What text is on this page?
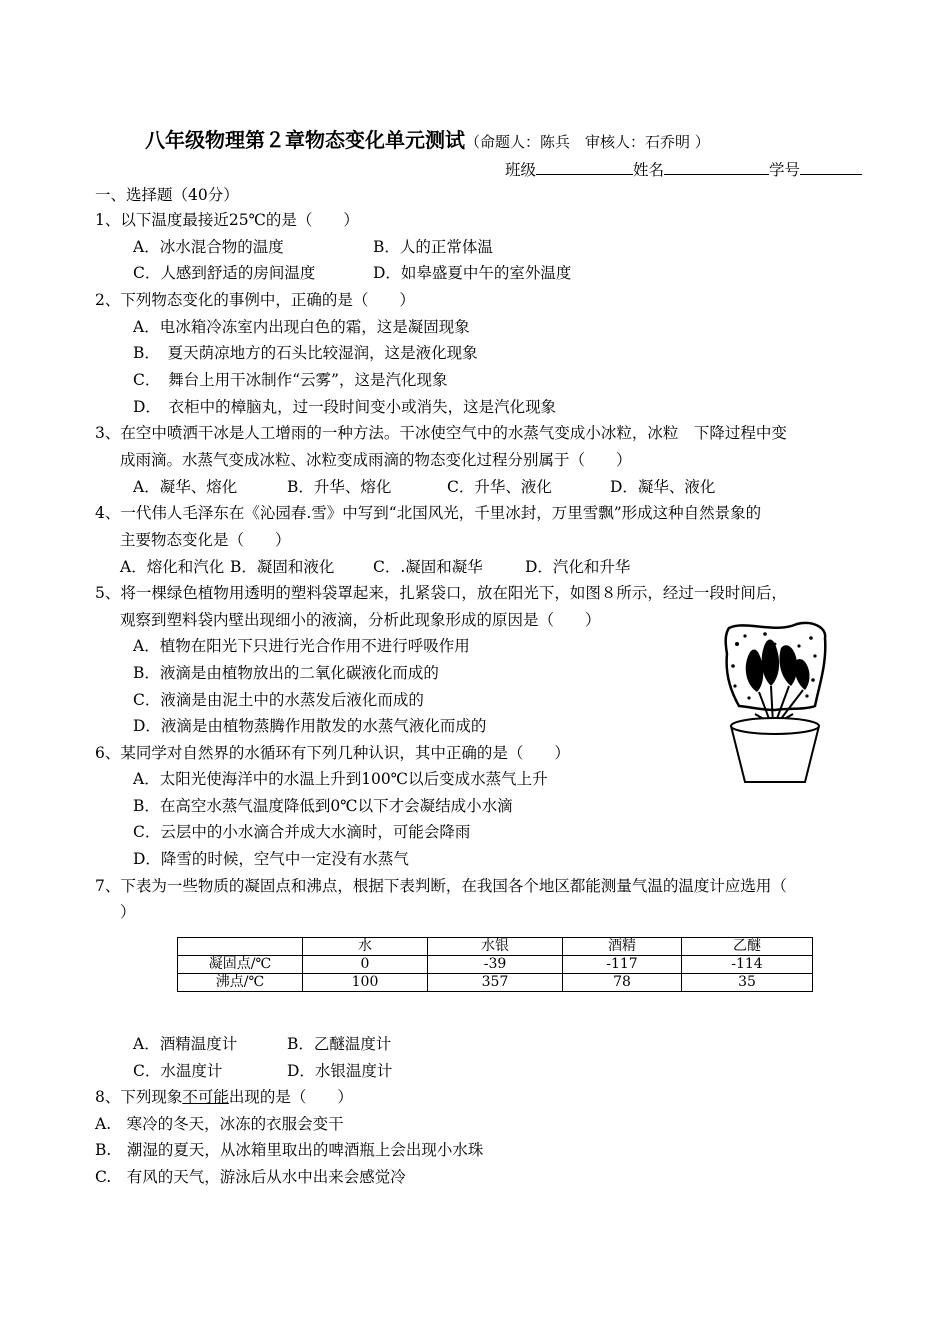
八年级物理第２章物态变化单元测试（命题人：陈兵　审核人：石乔明 ）
班级	姓名	学号
一、选择题（40分）
1、以下温度最接近25℃的是（　　）
A．冰水混合物的温度	B．人的正常体温
C．人感到舒适的房间温度	D．如皋盛夏中午的室外温度
2、下列物态变化的事例中，正确的是（　　）
A．电冰箱冷冻室内出现白色的霜，这是凝固现象
B．　夏天荫凉地方的石头比较湿润，这是液化现象
C．　舞台上用干冰制作“云雾”，这是汽化现象
D．　衣柜中的樟脑丸，过一段时间变小或消失，这是汽化现象
3、在空中喷洒干冰是人工增雨的一种方法。干冰使空气中的水蒸气变成小冰粒，冰粒　下降过程中变
成雨滴。水蒸气变成冰粒、冰粒变成雨滴的物态变化过程分别属于（　　）
A．凝华、熔化	B．升华、熔化	C．升华、液化	D．凝华、液化
4、一代伟人毛泽东在《沁园春.雪》中写到“北国风光，千里冰封，万里雪飘”形成这种自然景象的
主要物态变化是（　　）
A．熔化和汽化 B．凝固和液化 C．.凝固和凝华	D．汽化和升华
5、将一棵绿色植物用透明的塑料袋罩起来，扎紧袋口，放在阳光下，如图８所示，经过一段时间后，
观察到塑料袋内壁出现细小的液滴，分析此现象形成的原因是（　　）
A．植物在阳光下只进行光合作用不进行呼吸作用
B．液滴是由植物放出的二氧化碳液化而成的
C．液滴是由泥土中的水蒸发后液化而成的
D．液滴是由植物蒸腾作用散发的水蒸气液化而成的
6、某同学对自然界的水循环有下列几种认识，其中正确的是（　　）
A．太阳光使海洋中的水温上升到100℃以后变成水蒸气上升
B．在高空水蒸气温度降低到0℃以下才会凝结成小水滴
C．云层中的小水滴合并成大水滴时，可能会降雨
D．降雪的时候，空气中一定没有水蒸气
7、下表为一些物质的凝固点和沸点，根据下表判断，在我国各个地区都能测量气温的温度计应选用（
）
	水	水银	酒精	乙醚
凝固点/℃	0	-39	-117	-114
沸点/℃	100	357	78	35
A．酒精温度计	B．乙醚温度计
C．水温度计	D．水银温度计
8、下列现象不可能出现的是（　　）
A.　寒冷的冬天，冰冻的衣服会变干
B.　潮湿的夏天，从冰箱里取出的啤酒瓶上会出现小水珠
C.　有风的天气，游泳后从水中出来会感觉冷
